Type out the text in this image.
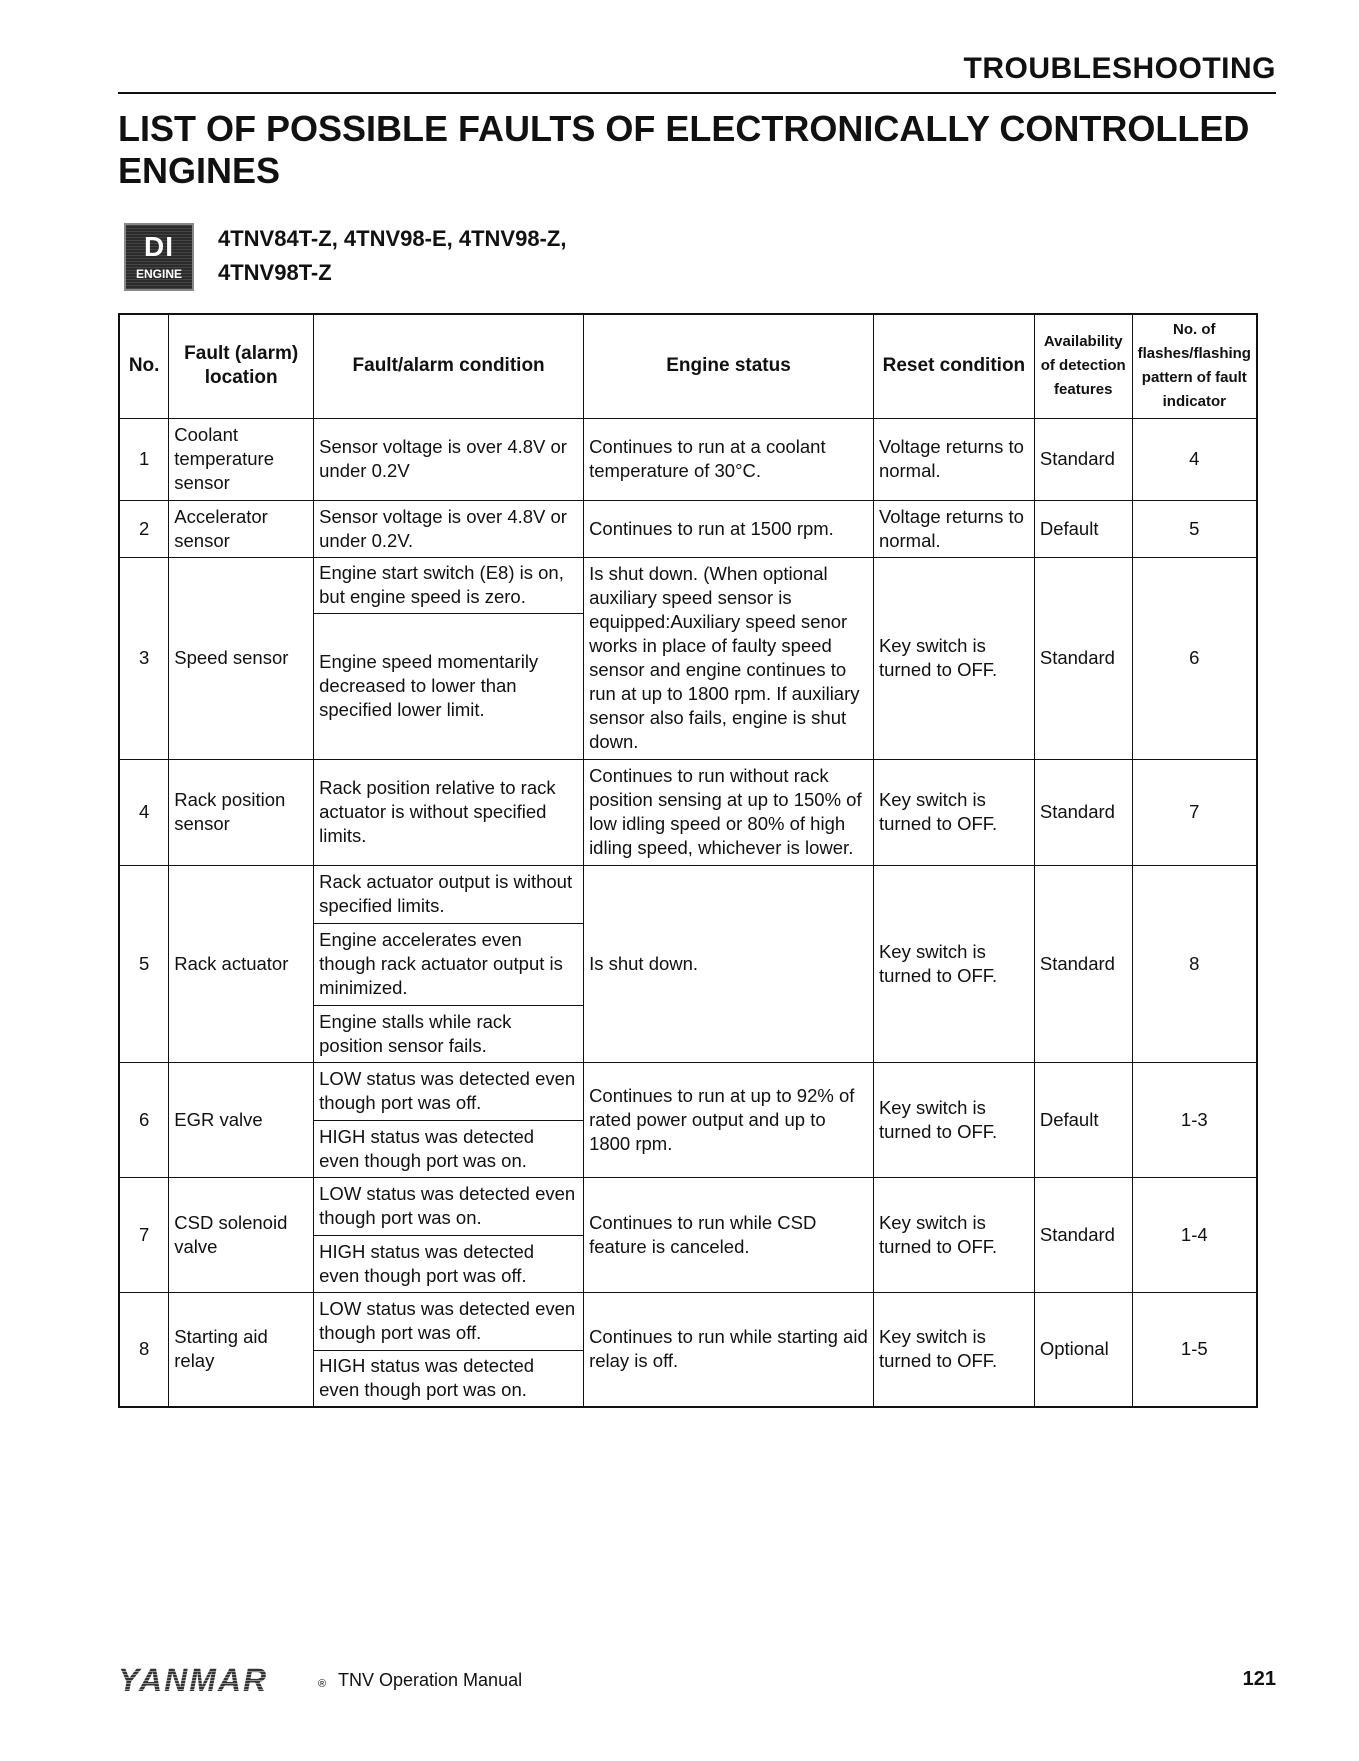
TROUBLESHOOTING
LIST OF POSSIBLE FAULTS OF ELECTRONICALLY CONTROLLED ENGINES
DI
ENGINE
4TNV84T-Z, 4TNV98-E, 4TNV98-Z,
4TNV98T-Z
No.	Fault (alarm) location	Fault/alarm condition	Engine status	Reset condition	Availability of detection features	No. of flashes/flashing pattern of fault indicator
1	Coolant temperature sensor	Sensor voltage is over 4.8V or under 0.2V	Continues to run at a coolant temperature of 30°C.	Voltage returns to normal.	Standard	4
2	Accelerator sensor	Sensor voltage is over 4.8V or under 0.2V.	Continues to run at 1500 rpm.	Voltage returns to normal.	Default	5
3	Speed sensor	Engine start switch (E8) is on, but engine speed is zero.	Is shut down. (When optional auxiliary speed sensor is equipped:Auxiliary speed senor works in place of faulty speed sensor and engine continues to run at up to 1800 rpm. If auxiliary sensor also fails, engine is shut down.	Key switch is turned to OFF.	Standard	6
		Engine speed momentarily decreased to lower than specified lower limit.				
4	Rack position sensor	Rack position relative to rack actuator is without specified limits.	Continues to run without rack position sensing at up to 150% of low idling speed or 80% of high idling speed, whichever is lower.	Key switch is turned to OFF.	Standard	7
5	Rack actuator	Rack actuator output is without specified limits.	Is shut down.	Key switch is turned to OFF.	Standard	8
		Engine accelerates even though rack actuator output is minimized.				
		Engine stalls while rack position sensor fails.				
6	EGR valve	LOW status was detected even though port was off.	Continues to run at up to 92% of rated power output and up to 1800 rpm.	Key switch is turned to OFF.	Default	1-3
		HIGH status was detected even though port was on.				
7	CSD solenoid valve	LOW status was detected even though port was on.	Continues to run while CSD feature is canceled.	Key switch is turned to OFF.	Standard	1-4
		HIGH status was detected even though port was off.				
8	Starting aid relay	LOW status was detected even though port was off.	Continues to run while starting aid relay is off.	Key switch is turned to OFF.	Optional	1-5
		HIGH status was detected even though port was on.				
YANMAR	® TNV Operation Manual	121
